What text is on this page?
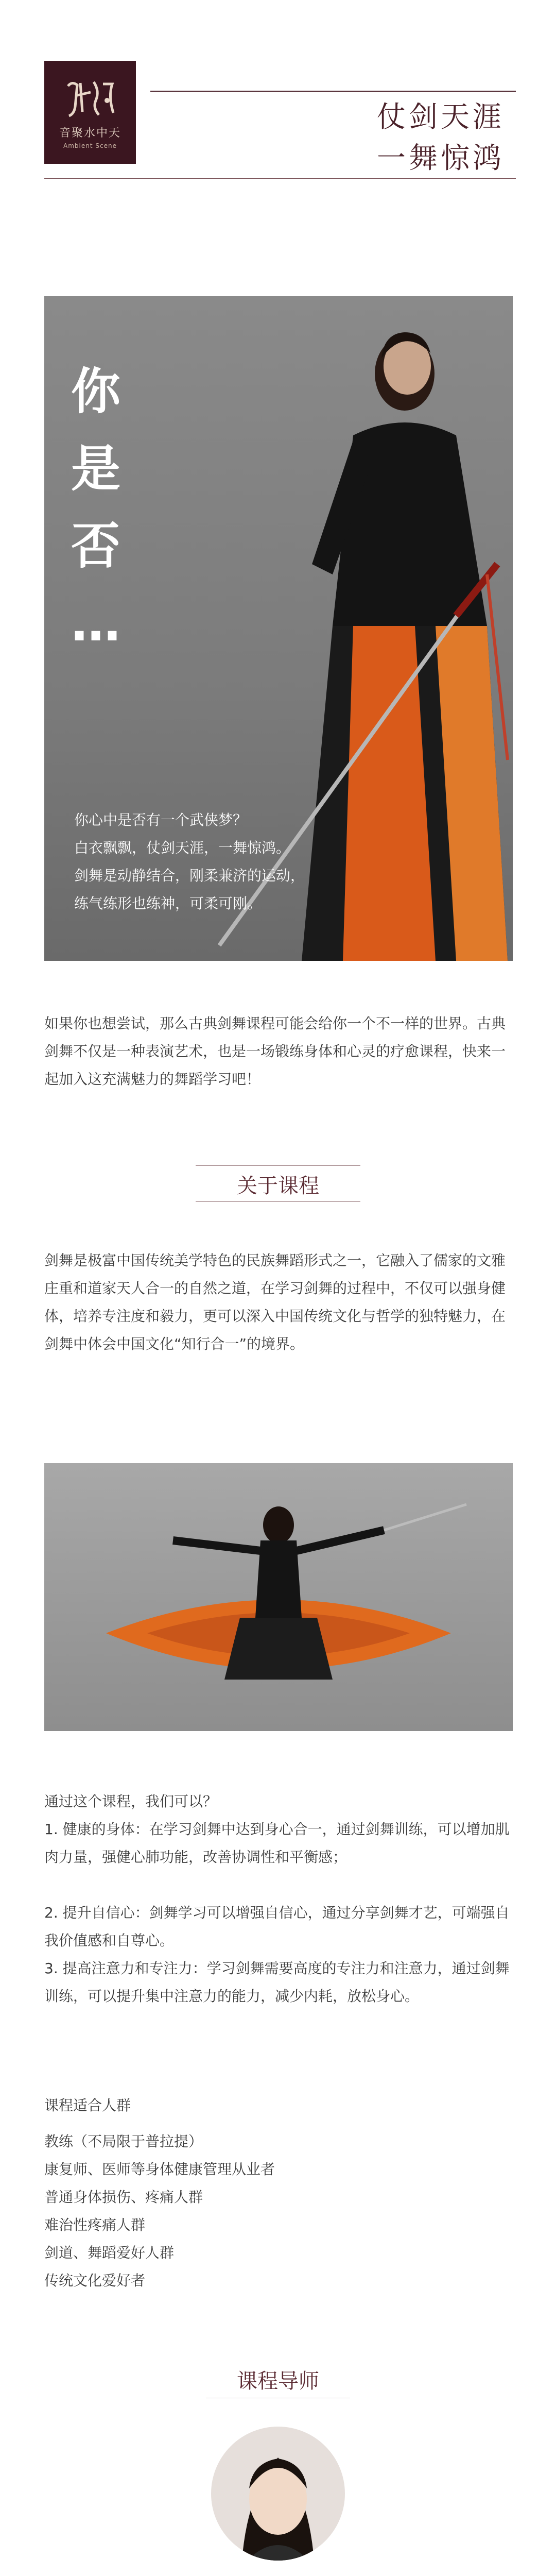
音聚水中天
Ambient Scene
仗剑天涯
一舞惊鸿
你
是
否
…
你心中是否有一个武侠梦？
白衣飘飘，仗剑天涯，一舞惊鸿。
剑舞是动静结合，刚柔兼济的运动，
练气练形也练神，可柔可刚。
如果你也想尝试，那么古典剑舞课程可能会给你一个不一样的世界。古典剑舞不仅是一种表演艺术，也是一场锻练身体和心灵的疗愈课程，快来一起加入这充满魅力的舞蹈学习吧！
关于课程
剑舞是极富中国传统美学特色的民族舞蹈形式之一，它融入了儒家的文雅庄重和道家天人合一的自然之道，在学习剑舞的过程中，不仅可以强身健体，培养专注度和毅力，更可以深入中国传统文化与哲学的独特魅力，在剑舞中体会中国文化“知行合一”的境界。
通过这个课程，我们可以？
1. 健康的身体：在学习剑舞中达到身心合一，通过剑舞训练，可以增加肌肉力量，强健心肺功能，改善协调性和平衡感；
2. 提升自信心：剑舞学习可以增强自信心，通过分享剑舞才艺，可端强自我价值感和自尊心。
3. 提高注意力和专注力：学习剑舞需要高度的专注力和注意力，通过剑舞训练，可以提升集中注意力的能力，减少内耗，放松身心。
课程适合人群
教练（不局限于普拉提）
康复师、医师等身体健康管理从业者
普通身体损伤、疼痛人群
难治性疼痛人群
剑道、舞蹈爱好人群
传统文化爱好者
课程导师
